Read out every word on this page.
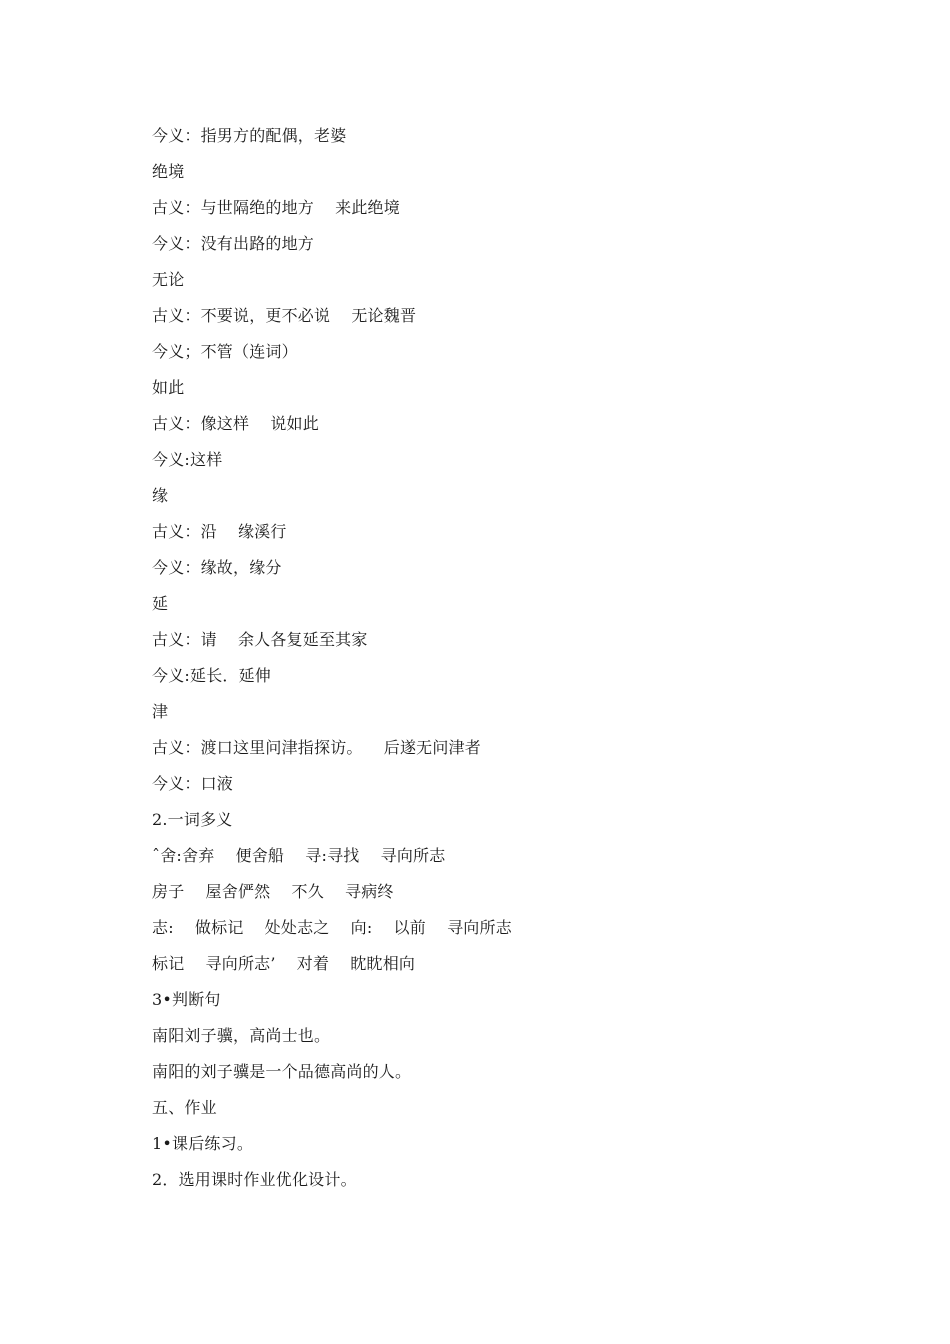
今义：指男方的配偶，老婆
绝境
古义：与世隔绝的地方    来此绝境
今义：没有出路的地方
无论
古义：不要说，更不必说    无论魏晋
今义；不管（连词）
如此
古义：像这样    说如此
今义:这样
缘
古义：沿    缘溪行
今义：缘故，缘分
延
古义：请    余人各复延至其家
今义:延长．延伸
津
古义：渡口这里问津指探访。    后遂无问津者
今义：口液
2.一词多义
ˆ舍:舍弃    便舍船    寻:寻找    寻向所志
房子    屋舍俨然    不久    寻病终
志:    做标记    处处志之    向:    以前    寻向所志
标记    寻向所志’    对着    眈眈相向
3•判断句
南阳刘子骥，高尚士也。
南阳的刘子骥是一个品德高尚的人。
五、作业
1•课后练习。
2．选用课时作业优化设计。
